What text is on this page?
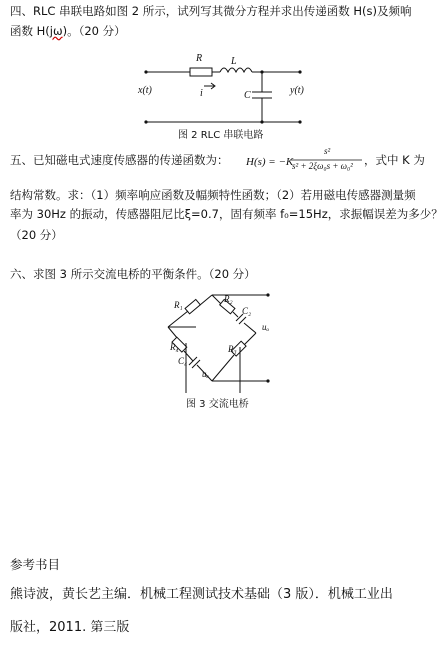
四、RLC 串联电路如图 2 所示，试列写其微分方程并求出传递函数 H(s)及频响
函数 H(jω)。（20 分）
R	L
i	C
x(t)	y(t)
图 2 RLC 串联电路
五、已知磁电式速度传感器的传递函数为： H(s) = −K
s²
s² + 2ξω₀s + ω₀² ，式中 K 为
结构常数。求：（1）频率响应函数及幅频特性函数；（2）若用磁电传感器测量频
率为 30Hz 的振动，传感器阻尼比ξ=0.7，固有频率 f₀=15Hz，求振幅误差为多少？
（20 分）
六、求图 3 所示交流电桥的平衡条件。（20 分）
R₁
R₂
C₂
R₄
C₄
R₃
uₒ
uₑ
图 3 交流电桥
参考书目
熊诗波，黄长艺主编．机械工程测试技术基础（3 版）．机械工业出
版社，2011. 第三版
